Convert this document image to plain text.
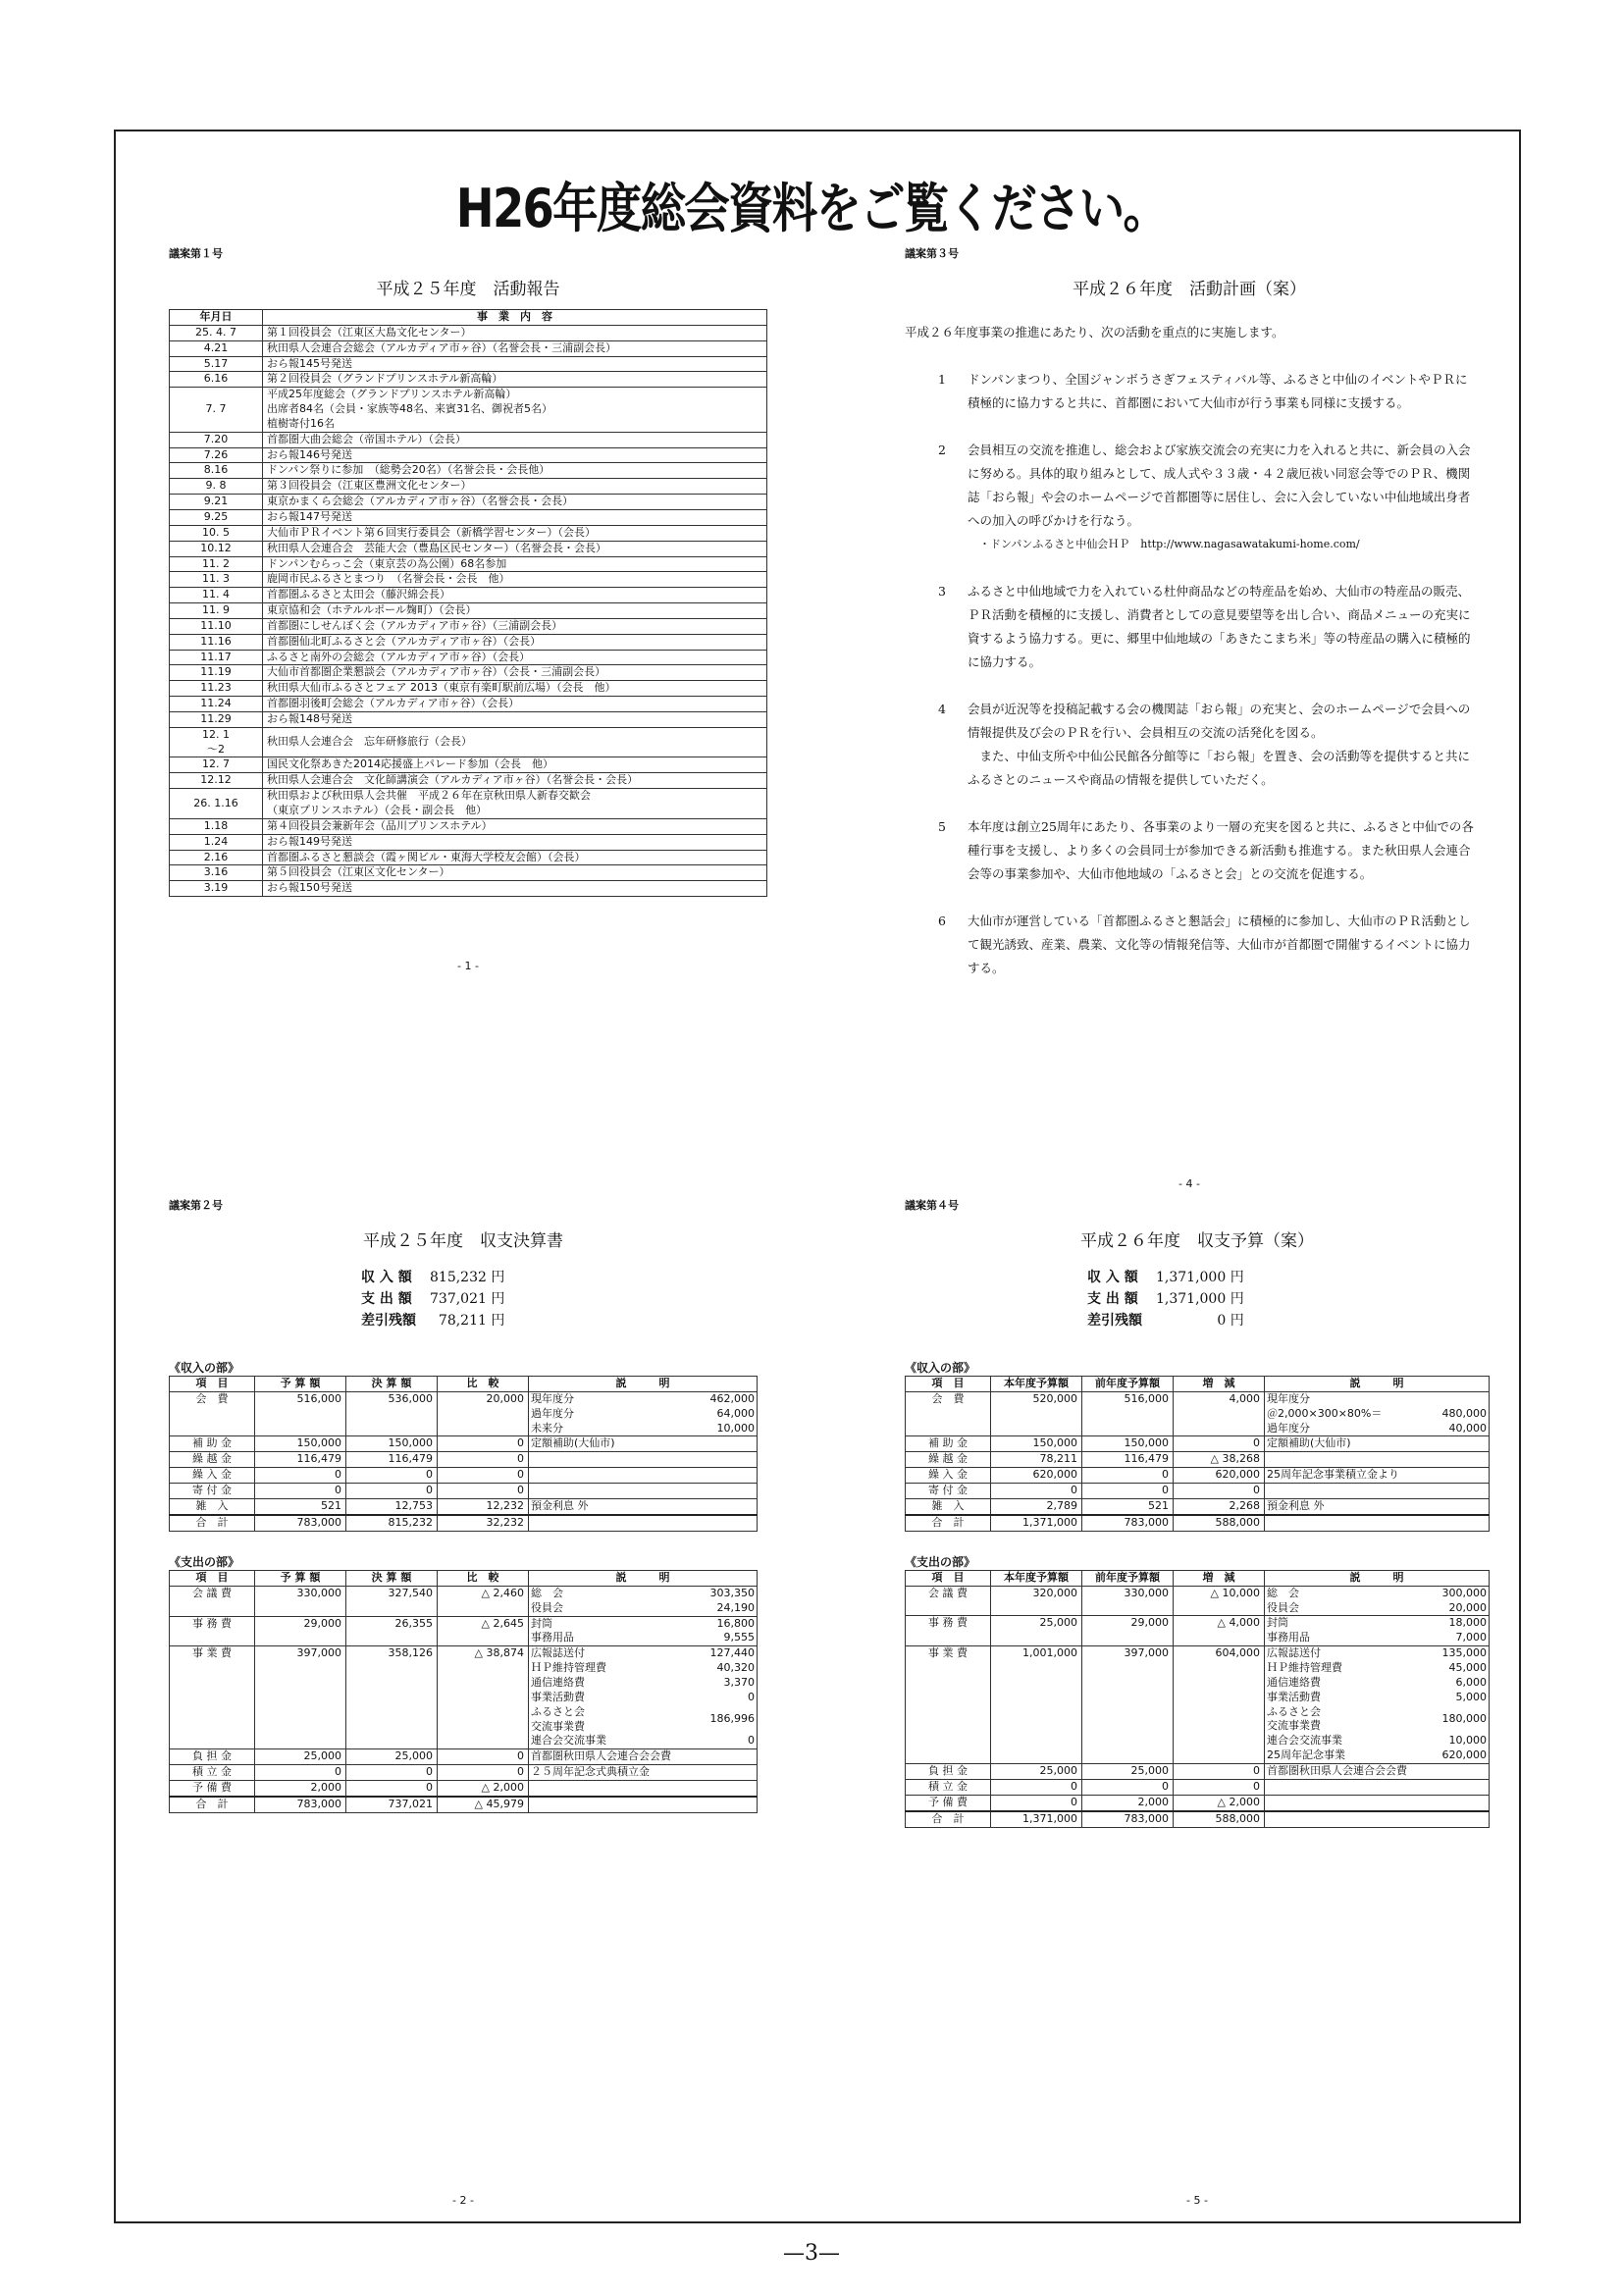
H26年度総会資料をご覧ください。
議案第１号
平成２５年度　活動報告
年月日	事　業　内　容
25. 4. 7	第１回役員会（江東区大島文化センター）
4.21	秋田県人会連合会総会（アルカディア市ヶ谷）（名誉会長・三浦副会長）
5.17	おら報145号発送
6.16	第２回役員会（グランドプリンスホテル新高輪）
7. 7	平成25年度総会（グランドプリンスホテル新高輪）
出席者84名（会員・家族等48名、来賓31名、御祝者5名）
植樹寄付16名
7.20	首都圏大曲会総会（帝国ホテル）（会長）
7.26	おら報146号発送
8.16	ドンパン祭りに参加　（総勢会20名）（名誉会長・会長他）
9. 8	第３回役員会（江東区豊洲文化センター）
9.21	東京かまくら会総会（アルカディア市ヶ谷）（名誉会長・会長）
9.25	おら報147号発送
10. 5	大仙市ＰＲイベント第６回実行委員会（新橋学習センター）（会長）
10.12	秋田県人会連合会　芸能大会（豊島区民センター）（名誉会長・会長）
11. 2	ドンパンむらっこ会（東京芸の為公園）68名参加
11. 3	鹿岡市民ふるさとまつり　（名誉会長・会長　他）
11. 4	首都圏ふるさと太田会（藤沢綿会長）
11. 9	東京協和会（ホテルルポール麹町）（会長）
11.10	首都圏にしせんぼく会（アルカディア市ヶ谷）（三浦副会長）
11.16	首都圏仙北町ふるさと会（アルカディア市ヶ谷）（会長）
11.17	ふるさと南外の会総会（アルカディア市ヶ谷）（会長）
11.19	大仙市首都圏企業懇談会（アルカディア市ヶ谷）（会長・三浦副会長）
11.23	秋田県大仙市ふるさとフェア 2013（東京有楽町駅前広場）（会長　他）
11.24	首都圏羽後町会総会（アルカディア市ヶ谷）（会長）
11.29	おら報148号発送
12. 1
～2	秋田県人会連合会　忘年研修旅行（会長）
12. 7	国民文化祭あきた2014応援盛上パレード参加（会長　他）
12.12	秋田県人会連合会　文化師講演会（アルカディア市ヶ谷）（名誉会長・会長）
26. 1.16	秋田県および秋田県人会共催　平成２６年在京秋田県人新春交歓会
（東京プリンスホテル）（会長・副会長　他）
1.18	第４回役員会兼新年会（品川プリンスホテル）
1.24	おら報149号発送
2.16	首都圏ふるさと懇談会（霞ヶ関ビル・東海大学校友会館）（会長）
3.16	第５回役員会（江東区文化センター）
3.19	おら報150号発送
- 1 -
議案第３号
平成２６年度　活動計画（案）
平成２６年度事業の推進にあたり、次の活動を重点的に実施します。
1	ドンパンまつり、全国ジャンボうさぎフェスティバル等、ふるさと中仙のイベントやＰＲに積極的に協力すると共に、首都圏において大仙市が行う事業も同様に支援する。
2	会員相互の交流を推進し、総会および家族交流会の充実に力を入れると共に、新会員の入会に努める。具体的取り組みとして、成人式や３３歳・４２歳厄祓い同窓会等でのＰＲ、機関誌「おら報」や会のホームページで首都圏等に居住し、会に入会していない中仙地域出身者への加入の呼びかけを行なう。
・ドンパンふるさと中仙会ＨＰ　http://www.nagasawatakumi-home.com/
3	ふるさと中仙地域で力を入れている杜仲商品などの特産品を始め、大仙市の特産品の販売、ＰＲ活動を積極的に支援し、消費者としての意見要望等を出し合い、商品メニューの充実に資するよう協力する。更に、郷里中仙地域の「あきたこまち米」等の特産品の購入に積極的に協力する。
4	会員が近況等を投稿記載する会の機関誌「おら報」の充実と、会のホームページで会員への情報提供及び会のＰＲを行い、会員相互の交流の活発化を図る。
また、中仙支所や中仙公民館各分館等に「おら報」を置き、会の活動等を提供すると共にふるさとのニュースや商品の情報を提供していただく。
5	本年度は創立25周年にあたり、各事業のより一層の充実を図ると共に、ふるさと中仙での各種行事を支援し、より多くの会員同士が参加できる新活動も推進する。また秋田県人会連合会等の事業参加や、大仙市他地域の「ふるさと会」との交流を促進する。
6	大仙市が運営している「首都圏ふるさと懇話会」に積極的に参加し、大仙市のＰＲ活動として観光誘致、産業、農業、文化等の情報発信等、大仙市が首都圏で開催するイベントに協力する。
- 4 -
議案第２号
平成２５年度　収支決算書
収 入 額	815,232 円
支 出 額	737,021 円
差引残額	78,211 円
《収入の部》
項　目	予 算 額	決 算 額	比　較	説　　　明
会　費	516,000	536,000	20,000	現年度分	462,000
過年度分	64,000
未来分	10,000

補 助 金	150,000	150,000	0	定額補助(大仙市)	

繰 越 金	116,479	116,479	0	

繰 入 金	0	0	0	

寄 付 金	0	0	0	

雑　入	521	12,753	12,232	預金利息 外	

合　計	783,000	815,232	32,232	
《支出の部》
項　目	予 算 額	決 算 額	比　較	説　　　明
会 議 費	330,000	327,540	△ 2,460	総　会	303,350
役員会	24,190

事 務 費	29,000	26,355	△ 2,645	封筒	16,800
事務用品	9,555

事 業 費	397,000	358,126	△ 38,874	広報誌送付	127,440
ＨＰ維持管理費	40,320
通信連絡費	3,370
事業活動費	0
ふるさと会
交流事業費	186,996
連合会交流事業	0

負 担 金	25,000	25,000	0	首都圏秋田県人会連合会会費	

積 立 金	0	0	0	２５周年記念式典積立金	

予 備 費	2,000	0	△ 2,000	

合　計	783,000	737,021	△ 45,979	
- 2 -
議案第４号
平成２６年度　収支予算（案）
収 入 額	1,371,000 円
支 出 額	1,371,000 円
差引残額	0 円
《収入の部》
項　目	本年度予算額	前年度予算額	増　減	説　　　明
会　費	520,000	516,000	4,000	現年度分	
＠2,000×300×80%＝	480,000
過年度分	40,000

補 助 金	150,000	150,000	0	定額補助(大仙市)	

繰 越 金	78,211	116,479	△ 38,268	

繰 入 金	620,000	0	620,000	25周年記念事業積立金より	

寄 付 金	0	0	0	

雑　入	2,789	521	2,268	預金利息 外	

合　計	1,371,000	783,000	588,000	
《支出の部》
項　目	本年度予算額	前年度予算額	増　減	説　　　明
会 議 費	320,000	330,000	△ 10,000	総　会	300,000
役員会	20,000

事 務 費	25,000	29,000	△ 4,000	封筒	18,000
事務用品	7,000

事 業 費	1,001,000	397,000	604,000	広報誌送付	135,000
ＨＰ維持管理費	45,000
通信連絡費	6,000
事業活動費	5,000
ふるさと会
交流事業費	180,000
連合会交流事業	10,000
25周年記念事業	620,000

負 担 金	25,000	25,000	0	首都圏秋田県人会連合会会費	

積 立 金	0	0	0	

予 備 費	0	2,000	△ 2,000	

合　計	1,371,000	783,000	588,000	
- 5 -
—3—
